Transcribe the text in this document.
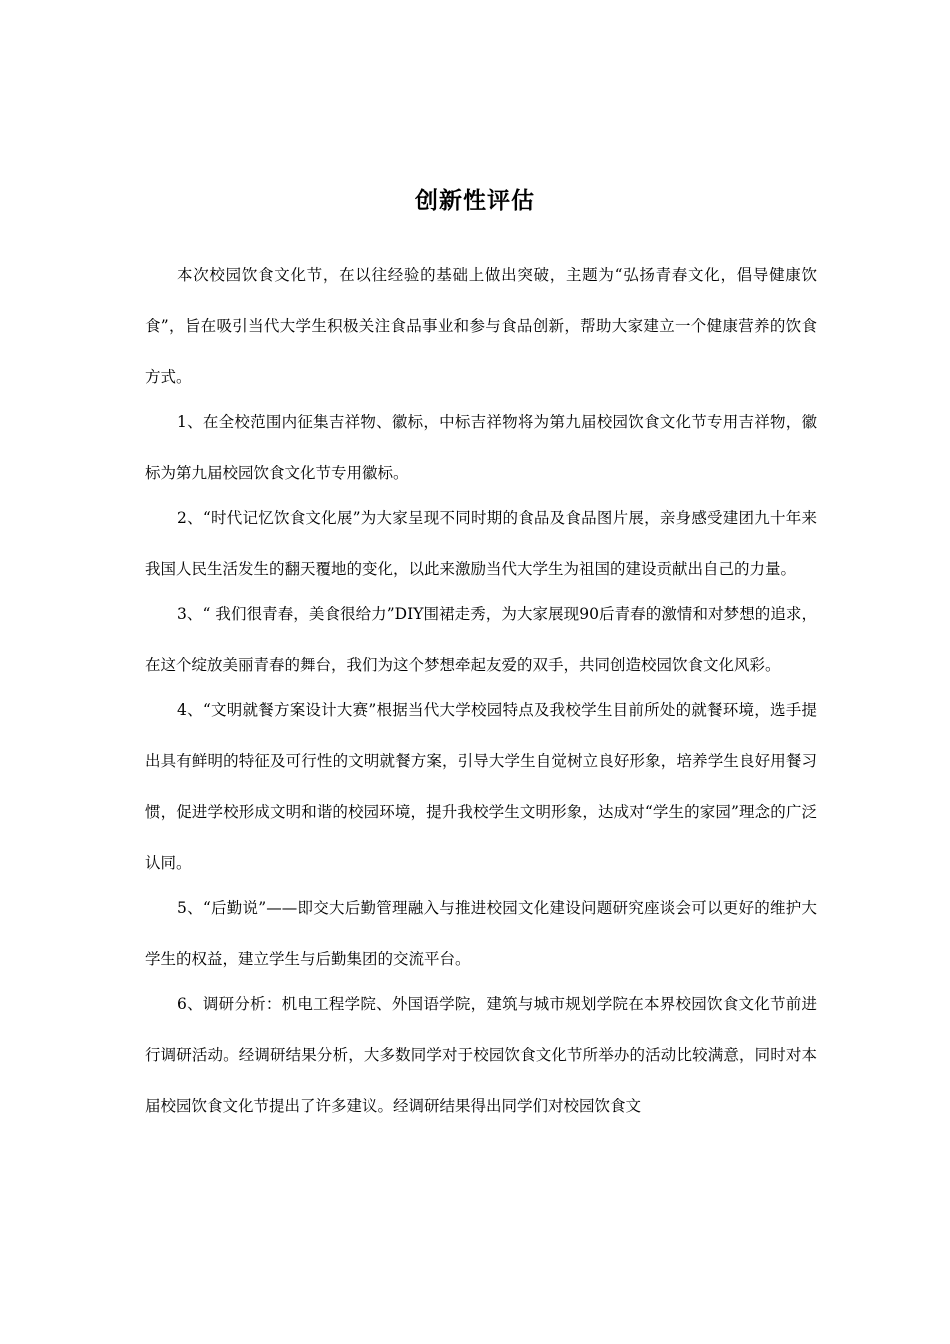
创新性评估

本次校园饮食文化节，在以往经验的基础上做出突破，主题为“弘扬青春文化，倡导健康饮食”，旨在吸引当代大学生积极关注食品事业和参与食品创新，帮助大家建立一个健康营养的饮食方式。

1、在全校范围内征集吉祥物、徽标，中标吉祥物将为第九届校园饮食文化节专用吉祥物，徽标为第九届校园饮食文化节专用徽标。

2、“时代记忆饮食文化展”为大家呈现不同时期的食品及食品图片展，亲身感受建团九十年来我国人民生活发生的翻天覆地的变化，以此来激励当代大学生为祖国的建设贡献出自己的力量。

3、“ 我们很青春，美食很给力”DIY围裙走秀，为大家展现90后青春的激情和对梦想的追求，在这个绽放美丽青春的舞台，我们为这个梦想牵起友爱的双手，共同创造校园饮食文化风彩。

4、“文明就餐方案设计大赛”根据当代大学校园特点及我校学生目前所处的就餐环境，选手提出具有鲜明的特征及可行性的文明就餐方案，引导大学生自觉树立良好形象，培养学生良好用餐习惯，促进学校形成文明和谐的校园环境，提升我校学生文明形象，达成对“学生的家园”理念的广泛认同。

5、“后勤说”——即交大后勤管理融入与推进校园文化建设问题研究座谈会可以更好的维护大学生的权益，建立学生与后勤集团的交流平台。

6、调研分析：机电工程学院、外国语学院，建筑与城市规划学院在本界校园饮食文化节前进行调研活动。经调研结果分析，大多数同学对于校园饮食文化节所举办的活动比较满意，同时对本届校园饮食文化节提出了许多建议。经调研结果得出同学们对校园饮食文
